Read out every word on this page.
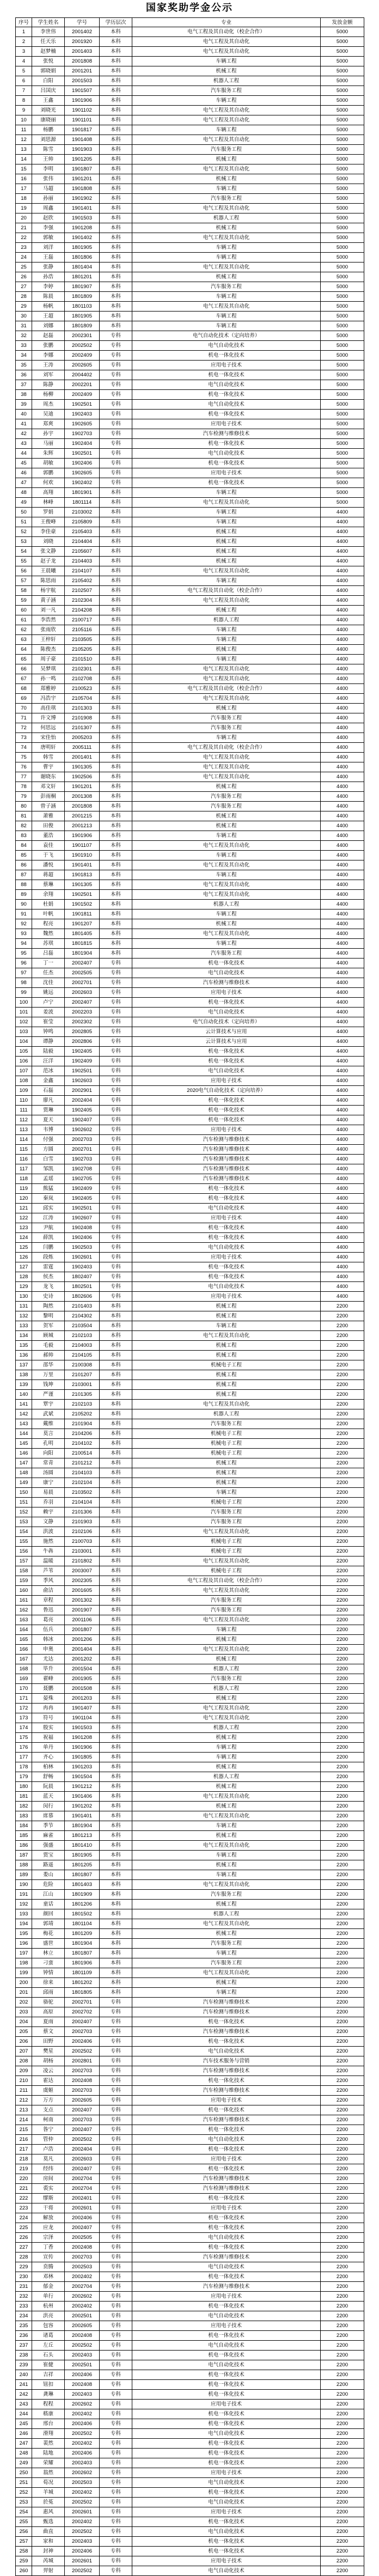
国家奖助学金公示
序号	学生姓名	学号	学历层次	专业	发放金额
1	李世伟	2001402	本科	电气工程及其自动化（校企合作）	5000
2	任天乐	2001920	本科	电气工程及其自动化	5000
3	赵梦楠	2001403	本科	电气工程及其自动化	5000
4	张悦	2001808	本科	车辆工程	5000
5	郭晓娟	2001201	本科	机械工程	5000
6	白阳	2001503	本科	机器人工程	5000
7	吕国庆	1901507	本科	汽车服务工程	5000
8	王鑫	1901906	本科	车辆工程	5000
9	刘晓光	1901102	本科	电气工程及其自动化	5000
10	康晓丽	1901101	本科	电气工程及其自动化	5000
11	杨鹏	1901817	本科	车辆工程	5000
12	刘思源	1901408	本科	电气工程及其自动化	5000
13	陈雪	1901903	本科	汽车服务工程	5000
14	王帅	1901205	本科	机械工程	5000
15	李明	1901807	本科	电气工程及其自动化	5000
16	张伟	1901201	本科	机械工程	5000
17	马超	1901808	本科	车辆工程	5000
18	孙丽	1901902	本科	汽车服务工程	5000
19	周鑫	1901401	本科	电气工程及其自动化	5000
20	赵欣	1901503	本科	机器人工程	5000
21	李强	1901208	本科	机械工程	5000
22	郭敏	1901402	本科	电气工程及其自动化	5000
23	刘洋	1801905	本科	车辆工程	5000
24	王磊	1801806	本科	车辆工程	5000
25	张静	1801404	本科	电气工程及其自动化	5000
26	孙浩	1801201	本科	机械工程	5000
27	李婷	1801907	本科	汽车服务工程	5000
28	陈晨	1801809	本科	车辆工程	5000
29	杨帆	1801103	本科	电气工程及其自动化	5000
30	王超	1801905	本科	车辆工程	5000
31	刘娜	1801809	本科	车辆工程	5000
32	赵磊	2002301	专科	电气自动化技术（定向培养）	5000
33	张鹏	2002502	专科	电气自动化技术	5000
34	李娜	2002409	专科	机电一体化技术	5000
35	王涛	2002605	专科	应用电子技术	5000
36	刘军	2004402	专科	机电一体化技术	5000
37	陈静	2002201	专科	电气自动化技术	5000
38	杨柳	2002409	专科	机电一体化技术	5000
39	周杰	1902501	专科	电气自动化技术	5000
40	吴迪	1902403	专科	机电一体化技术	5000
41	郑爽	1902605	专科	应用电子技术	5000
42	孙宇	1902703	专科	汽车检测与维修技术	5000
43	马丽	1902404	专科	机电一体化技术	5000
44	朱辉	1902501	专科	电气自动化技术	5000
45	胡敏	1902406	专科	机电一体化技术	5000
46	郭鹏	1902605	专科	应用电子技术	5000
47	何欢	1902402	专科	机电一体化技术	5000
48	高翔	1801901	本科	车辆工程	5000
49	林峰	1801114	本科	电气工程及其自动化	5000
50	罗娟	2103002	本科	车辆工程	4400
51	王俊峰	2105809	本科	车辆工程	4400
52	李佳豪	2105403	本科	机械工程	4400
53	刘晓	2104404	本科	机械工程	4400
54	张文静	2105607	本科	机械工程	4400
55	赵子龙	2104403	本科	机械工程	4400
56	王晨曦	2104107	本科	电气工程及其自动化	4400
57	陈思雨	2105402	本科	车辆工程	4400
58	杨宇航	2102507	本科	电气工程及其自动化（校企合作）	4400
59	黄子涵	2102304	本科	电气工程及其自动化	4400
60	刘一凡	2104208	本科	机械工程	4400
61	李浩然	2100717	本科	机器人工程	4400
62	张雨欣	2105116	本科	车辆工程	4400
63	王梓轩	2103505	本科	车辆工程	4400
64	陈俊杰	2105205	本科	机械工程	4400
65	周子豪	2101510	本科	车辆工程	4400
66	吴梦琪	2102301	本科	电气工程及其自动化	4400
67	孙一鸣	2102708	本科	电气工程及其自动化	4400
68	郑雅婷	2100523	本科	电气工程及其自动化（校企合作）	4400
69	冯浩宇	2105704	本科	电气工程及其自动化	4400
70	高佳琪	2101303	本科	机械工程	4400
71	许文博	2101908	本科	汽车服务工程	4400
72	何思远	2101307	本科	汽车服务工程	4400
73	宋佳怡	2005203	本科	车辆工程	4400
74	唐明轩	2005111	本科	电气工程及其自动化（校企合作）	4400
75	韩雪	2001401	本科	电气工程及其自动化	4400
76	曹宇	1901305	本科	电气工程及其自动化	4400
77	谢晓东	1902506	本科	电气工程及其自动化	4400
78	邓文轩	1901201	本科	机械工程	4400
79	彭雨桐	2001308	本科	汽车服务工程	4400
80	曾子涵	2001808	本科	汽车服务工程	4400
81	萧雅	2001215	本科	机械工程	4400
82	田俊	2001213	本科	机械工程	4400
83	董浩	1901906	本科	车辆工程	4400
84	袁佳	1901107	本科	电气工程及其自动化	4400
85	于飞	1901910	本科	车辆工程	4400
86	潘悦	1901401	本科	电气工程及其自动化	4400
87	蒋超	1901813	本科	车辆工程	4400
88	蔡琳	1901305	本科	电气工程及其自动化	4400
89	余翔	1902501	本科	电气工程及其自动化	4400
90	杜娟	1901502	本科	机器人工程	4400
91	叶帆	1901811	本科	车辆工程	4400
92	程亮	1901207	本科	机械工程	4400
93	魏然	1801405	本科	电气工程及其自动化	4400
94	苏琪	1801815	本科	车辆工程	4400
95	吕磊	1801904	本科	汽车服务工程	4400
96	丁一	2002407	专科	机电一体化技术	4400
97	任杰	2002505	专科	电气自动化技术	4400
98	沈佳	2002701	专科	汽车检测与维修技术	4400
99	姚远	2002603	专科	应用电子技术	4400
100	卢宁	2002407	专科	机电一体化技术	4400
101	姜波	2002203	专科	电气自动化技术	4400
102	崔莹	2002302	专科	电气自动化技术（定向培养）	4400
103	钟鸣	2002805	专科	云计算技术与应用	4400
104	谭静	2002806	专科	云计算技术与应用	4400
105	陆毅	1902405	专科	机电一体化技术	4400
106	汪洋	1902409	专科	机电一体化技术	4400
107	范冰	1902501	专科	电气自动化技术	4400
108	金鑫	1902603	专科	应用电子技术	4400
109	石磊	2002901	专科	2020电气自动化技术（定向培养）	4400
110	廖凡	2002404	专科	机电一体化技术	4400
111	贾琳	1902405	专科	机电一体化技术	4400
112	夏天	1902407	专科	机电一体化技术	4400
113	韦博	1902602	专科	应用电子技术	4400
114	付强	2002703	专科	汽车检测与维修技术	4400
115	方圆	2002701	专科	汽车检测与维修技术	4400
116	白雪	1902703	专科	汽车检测与维修技术	4400
117	邹凯	1902708	专科	汽车检测与维修技术	4400
118	孟瑶	1902705	专科	汽车检测与维修技术	4400
119	熊猛	1902409	专科	机电一体化技术	4400
120	秦岚	1902405	专科	机电一体化技术	4400
121	邱实	1902501	专科	电气自动化技术	4400
122	江涛	1902607	专科	应用电子技术	4400
123	尹航	1902408	专科	机电一体化技术	4400
124	薛凯	1902406	专科	机电一体化技术	4400
125	闫鹏	1902503	专科	电气自动化技术	4400
126	段炼	1902601	专科	应用电子技术	4400
127	雷霆	1902403	专科	机电一体化技术	4400
128	侯杰	1802407	专科	机电一体化技术	4400
129	龙飞	1802501	专科	电气自动化技术	4400
130	史诗	1802606	专科	应用电子技术	4400
131	陶然	2101403	本科	机械工程	2200
132	黎明	2104302	本科	机械工程	2200
133	贺军	2103504	本科	车辆工程	2200
134	顾城	2102103	本科	电气工程及其自动化	2200
135	毛毅	2104003	本科	机械工程	2200
136	郝帅	2104105	本科	机械工程	2200
137	邵华	2100308	本科	机械电子工程	2200
138	万里	2101207	本科	机械工程	2200
139	钱坤	2103001	本科	机械工程	2200
140	严谨	2101305	本科	机械工程	2200
141	覃宇	2102103	本科	电气工程及其自动化	2200
142	武斌	2105202	本科	机器人工程	2200
143	戴维	2101904	本科	汽车服务工程	2200
144	莫言	2104206	本科	机械电子工程	2200
145	孔明	2104102	本科	机械电子工程	2200
146	向阳	2100514	本科	机械电子工程	2200
147	常青	2101212	本科	机械工程	2200
148	汤圆	2104103	本科	机械工程	2200
149	康宁	2102104	本科	机械工程	2200
150	易晨	2103502	本科	车辆工程	2200
151	乔羽	2104104	本科	机械电子工程	2200
152	赖宇	2101306	本科	汽车服务工程	2200
153	文静	2101903	本科	汽车服务工程	2200
154	洪波	2102106	本科	电气工程及其自动化	2200
155	施然	2100703	本科	机械电子工程	2200
156	牛犇	2103001	本科	机械电子工程	2200
157	温暖	2101802	本科	电气工程及其自动化	2200
158	芦苇	2003007	本科	机械电子工程	2200
159	季风	2002305	本科	电气工程及其自动化（校企合作）	2200
160	俞洁	2001605	本科	电气工程及其自动化	2200
161	章程	2001302	本科	汽车服务工程	2200
162	鲁迅	2001907	本科	汽车服务工程	2200
163	葛亮	2001106	本科	电气工程及其自动化	2200
164	伍兵	2001807	本科	车辆工程	2200
165	韩冰	2001206	本科	机械工程	2200
166	申奥	2001404	本科	电气工程及其自动化	2200
167	尤达	2001202	本科	机械工程	2200
168	毕升	2001504	本科	机器人工程	2200
169	翟峰	2001905	本科	汽车服务工程	2200
170	聂鹏	2001508	本科	机器人工程	2200
171	晏殊	2001203	本科	机械工程	2200
172	冉冉	1901407	本科	电气工程及其自动化	2200
173	符号	1901104	本科	电气工程及其自动化	2200
174	殷实	1901503	本科	机器人工程	2200
175	祝福	1901208	本科	机械工程	2200
176	单丹	1901906	本科	车辆工程	2200
177	齐心	1901805	本科	车辆工程	2200
178	柏林	1901203	本科	机械工程	2200
179	舒畅	1901504	本科	机器人工程	2200
180	阮晨	1901212	本科	机械工程	2200
181	蓝天	1901406	本科	电气工程及其自动化	2200
182	闵行	1901202	本科	机械工程	2200
183	席慕	1901401	本科	电气工程及其自动化	2200
184	季节	1801904	本科	车辆工程	2200
185	麻雀	1801213	本科	机械工程	2200
186	强盛	1801410	本科	电气工程及其自动化	2200
187	贾宝	1801905	本科	车辆工程	2200
188	路遥	1801205	本科	机械工程	2200
189	娄山	1801807	本科	车辆工程	2200
190	危险	1801403	本科	电气工程及其自动化	2200
191	江山	1801909	本科	汽车服务工程	2200
192	童话	1801206	本科	机械工程	2200
193	颜回	1801502	本科	机器人工程	2200
194	郭靖	1801104	本科	电气工程及其自动化	2200
195	梅花	1801209	本科	机械工程	2200
196	盛世	1801904	本科	汽车服务工程	2200
197	林立	1801807	本科	车辆工程	2200
198	刁蛮	1801906	本科	汽车服务工程	2200
199	钟情	1801109	本科	电气工程及其自动化	2200
200	徐来	1801202	本科	机械工程	2200
201	邱雨	1801805	本科	车辆工程	2200
202	骆驼	2002701	专科	汽车检测与维修技术	2200
203	高原	2002702	专科	汽车检测与维修技术	2200
204	夏雨	2002407	专科	机电一体化技术	2200
205	蔡文	2002703	专科	汽车检测与维修技术	2200
206	田野	2002406	专科	机电一体化技术	2200
207	樊星	2002502	专科	电气自动化技术	2200
208	胡杨	2002801	专科	汽车技术服务与营销	2200
209	凌云	2002703	专科	汽车检测与维修技术	2200
210	霍达	2002408	专科	机电一体化技术	2200
211	虞姬	2002703	专科	汽车检测与维修技术	2200
212	万方	2002605	专科	应用电子技术	2200
213	支点	2002407	专科	机电一体化技术	2200
214	柯南	2002703	专科	汽车检测与维修技术	2200
215	昝宁	2002407	专科	机电一体化技术	2200
216	管仲	2002502	专科	电气自动化技术	2200
217	卢浩	2002404	专科	机电一体化技术	2200
218	莫凡	2002603	专科	应用电子技术	2200
219	经纬	2002407	专科	机电一体化技术	2200
220	房间	2002704	专科	汽车检测与维修技术	2200
221	裘实	2002704	专科	汽车检测与维修技术	2200
222	缪斯	2002401	专科	机电一体化技术	2200
223	干将	2002601	专科	应用电子技术	2200
224	解放	2002406	专科	机电一体化技术	2200
225	应龙	2002407	专科	机电一体化技术	2200
226	宗泽	2002505	专科	电气自动化技术	2200
227	丁香	2002408	专科	机电一体化技术	2200
228	宣传	2002703	专科	汽车检测与维修技术	2200
229	贲腾	2002503	专科	电气自动化技术	2200
230	邓林	2002402	专科	机电一体化技术	2200
231	郁金	2002704	专科	汽车检测与维修技术	2200
232	单行	2002602	专科	应用电子技术	2200
233	杭州	2002402	专科	机电一体化技术	2200
234	洪亮	2002501	专科	电气自动化技术	2200
235	包容	2002605	专科	应用电子技术	2200
236	诸葛	2002408	专科	机电一体化技术	2200
237	左丘	2002502	专科	电气自动化技术	2200
238	石头	2002403	专科	机电一体化技术	2200
239	崔健	2002501	专科	电气自动化技术	2200
240	吉祥	2002406	专科	机电一体化技术	2200
241	钮扣	2002408	专科	机电一体化技术	2200
242	龚琳	2002403	专科	机电一体化技术	2200
243	程程	2002602	专科	应用电子技术	2200
244	嵇康	2002402	专科	机电一体化技术	2200
245	邢台	2002406	专科	机电一体化技术	2200
246	滑翔	2002502	专科	电气自动化技术	2200
247	裴然	2002402	专科	机电一体化技术	2200
248	陆地	2002406	专科	机电一体化技术	2200
249	荣耀	2002403	专科	机电一体化技术	2200
250	翁然	2002602	专科	应用电子技术	2200
251	荀况	2002503	专科	电气自动化技术	2200
252	羊城	2002402	专科	机电一体化技术	2200
253	於菟	2002502	专科	电气自动化技术	2200
254	惠风	2002601	专科	应用电子技术	2200
255	甄选	2002402	专科	机电一体化技术	2200
256	曲直	2002502	专科	电气自动化技术	2200
257	家和	2002403	专科	机电一体化技术	2200
258	封神	2002406	专科	机电一体化技术	2200
259	芮城	2002601	专科	应用电子技术	2200
260	羿射	2002502	专科	电气自动化技术	2200
